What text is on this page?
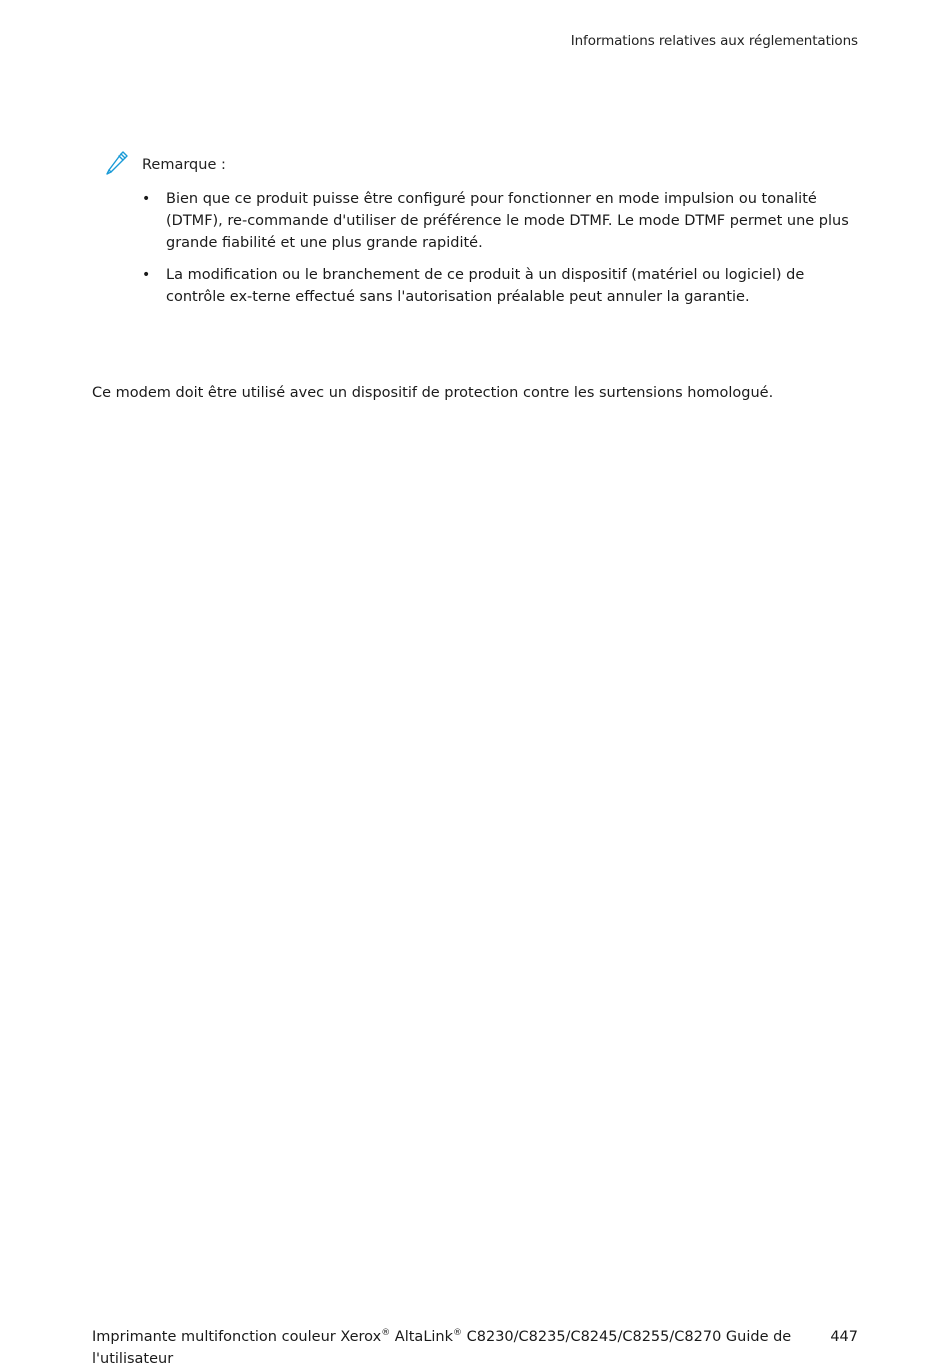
Informations relatives aux réglementations
Remarque :
• Bien que ce produit puisse être configuré pour fonctionner en mode impulsion ou tonalité (DTMF), re-commande d'utiliser de préférence le mode DTMF. Le mode DTMF permet une plus grande fiabilité et une plus grande rapidité.
• La modification ou le branchement de ce produit à un dispositif (matériel ou logiciel) de contrôle ex-terne effectué sans l'autorisation préalable peut annuler la garantie.
Ce modem doit être utilisé avec un dispositif de protection contre les surtensions homologué.
Imprimante multifonction couleur Xerox® AltaLink® C8230/C8235/C8245/C8255/C8270 Guide de l'utilisateur
447
